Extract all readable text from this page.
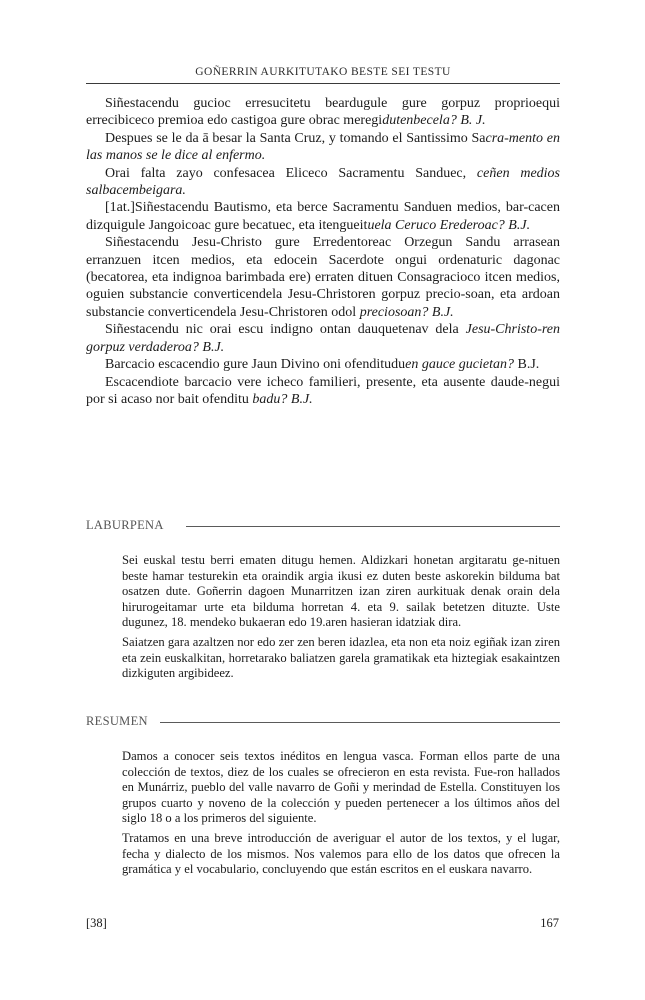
GOÑERRIN AURKITUTAKO BESTE SEI TESTU

Siñestacendu gucioc erresucitetu beardugule gure gorpuz proprioequi errecibiceco premioa edo castigoa gure obrac meregidutenbecela? B. J.

Despues se le da ā besar la Santa Cruz, y tomando el Santissimo Sacra-mento en las manos se le dice al enfermo.

Orai falta zayo confesacea Eliceco Sacramentu Sanduec, ceñen medios salbacembeigara.

[1at.]Siñestacendu Bautismo, eta berce Sacramentu Sanduen medios, bar-cacen dizquigule Jangoicoac gure becatuec, eta itengueituela Ceruco Erederoac? B.J.

Siñestacendu Jesu-Christo gure Erredentoreac Orzegun Sandu arrasean erranzuen itcen medios, eta edocein Sacerdote ongui ordenaturic dagonac (becatorea, eta indignoa barimbada ere) erraten dituen Consagracioco itcen medios, oguien substancie converticendela Jesu-Christoren gorpuz precio-soan, eta ardoan substancie converticendela Jesu-Christoren odol preciosoan? B.J.

Siñestacendu nic orai escu indigno ontan dauquetenav dela Jesu-Christo-ren gorpuz verdaderoa? B.J.

Barcacio escacendio gure Jaun Divino oni ofendituduen gauce gucietan? B.J.

Escacendiote barcacio vere icheco familieri, presente, eta ausente daude-negui por si acaso nor bait ofenditu badu? B.J.

LABURPENA

Sei euskal testu berri ematen ditugu hemen. Aldizkari honetan argitaratu ge-nituen beste hamar testurekin eta oraindik argia ikusi ez duten beste askorekin bilduma bat osatzen dute. Goñerrin dagoen Munarritzen izan ziren aurkituak denak orain dela hirurogeitamar urte eta bilduma horretan 4. eta 9. sailak betetzen dituzte. Uste dugunez, 18. mendeko bukaeran edo 19.aren hasieran idatziak dira.

Saiatzen gara azaltzen nor edo zer zen beren idazlea, eta non eta noiz egiñak izan ziren eta zein euskalkitan, horretarako baliatzen garela gramatikak eta hiztegiak esakaintzen dizkiguten argibideez.

RESUMEN

Damos a conocer seis textos inéditos en lengua vasca. Forman ellos parte de una colección de textos, diez de los cuales se ofrecieron en esta revista. Fue-ron hallados en Munárriz, pueblo del valle navarro de Goñi y merindad de Estella. Constituyen los grupos cuarto y noveno de la colección y pueden pertenecer a los últimos años del siglo 18 o a los primeros del siguiente.

Tratamos en una breve introducción de averiguar el autor de los textos, y el lugar, fecha y dialecto de los mismos. Nos valemos para ello de los datos que ofrecen la gramática y el vocabulario, concluyendo que están escritos en el euskara navarro.

[38]	167
